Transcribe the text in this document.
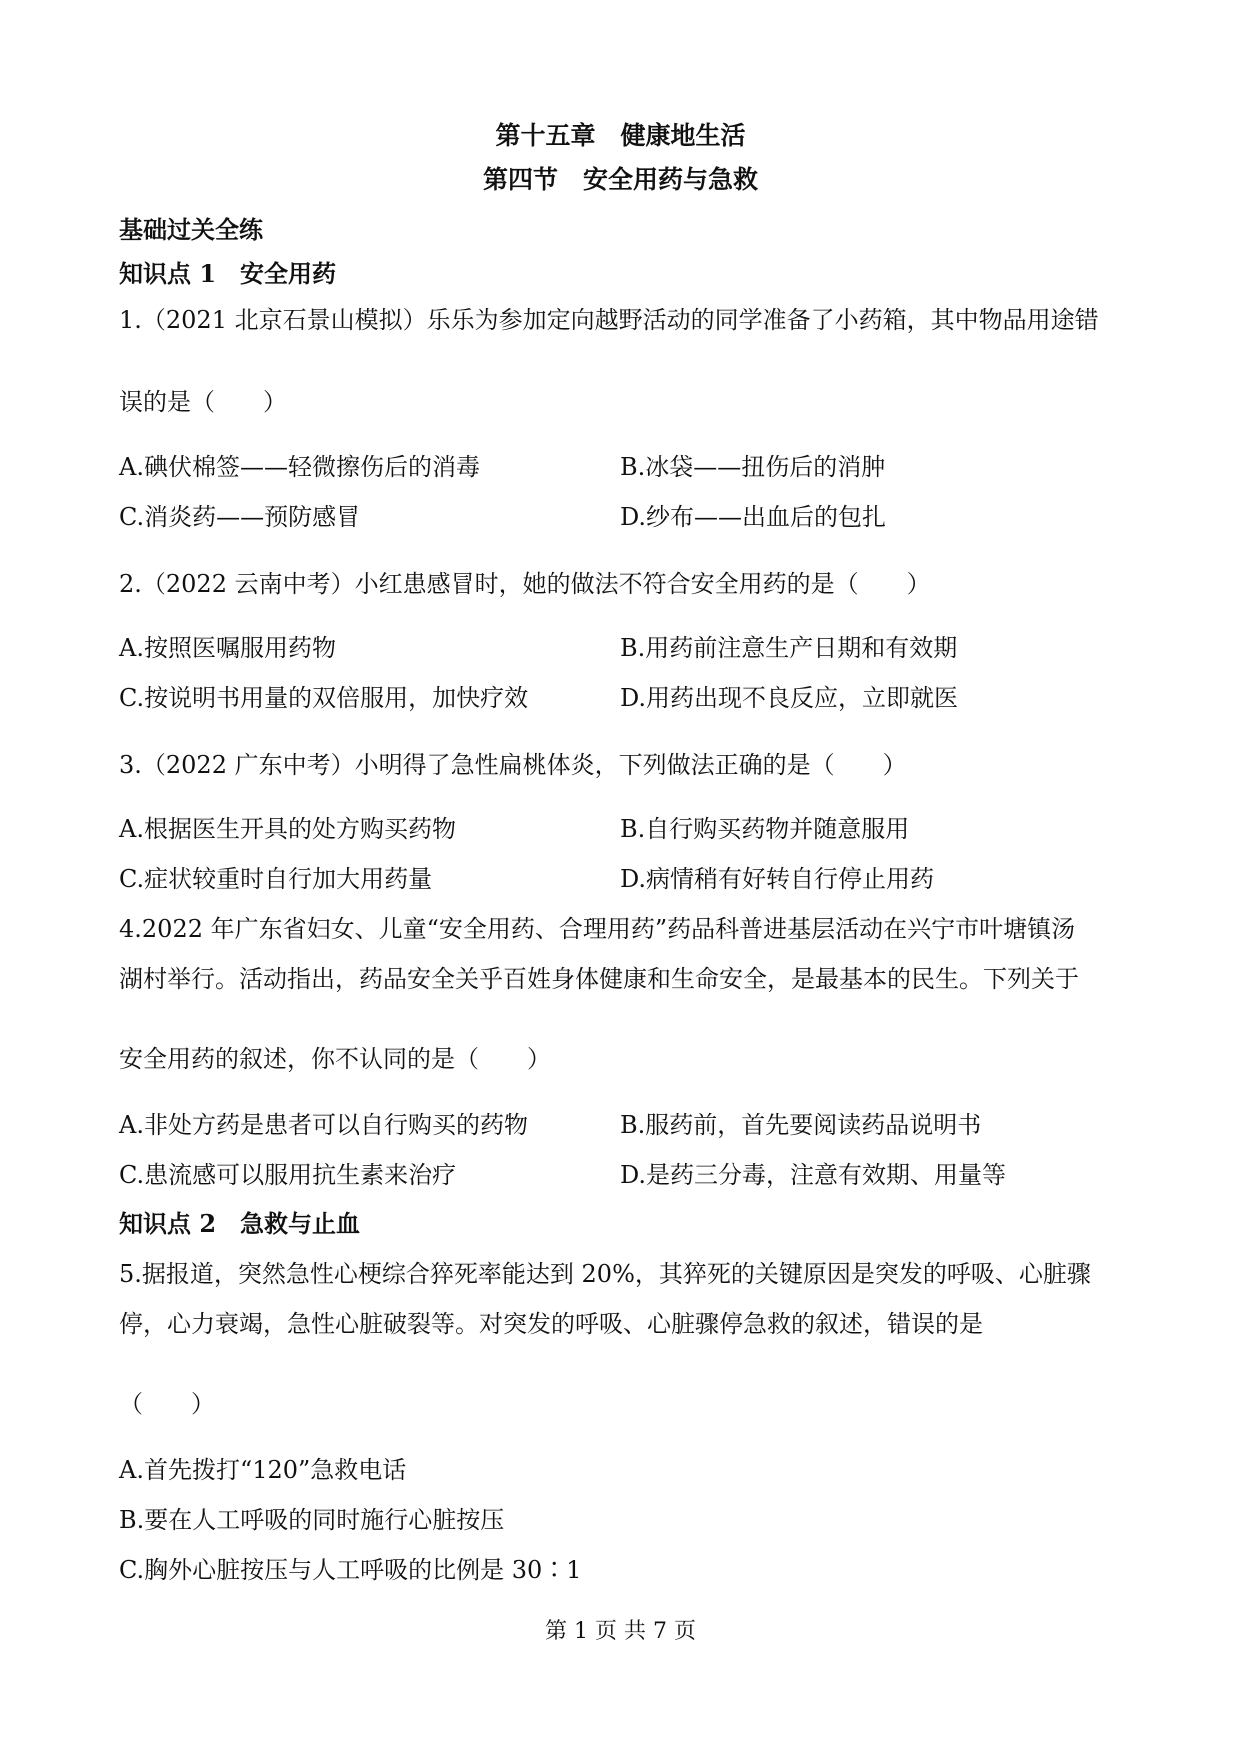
第十五章　健康地生活
第四节　安全用药与急救
基础过关全练
知识点 1　安全用药
1.（2021 北京石景山模拟）乐乐为参加定向越野活动的同学准备了小药箱，其中物品用途错
误的是（　　）
A.碘伏棉签——轻微擦伤后的消毒	B.冰袋——扭伤后的消肿
C.消炎药——预防感冒	D.纱布——出血后的包扎
2.（2022 云南中考）小红患感冒时，她的做法不符合安全用药的是（　　）
A.按照医嘱服用药物	B.用药前注意生产日期和有效期
C.按说明书用量的双倍服用，加快疗效	D.用药出现不良反应，立即就医
3.（2022 广东中考）小明得了急性扁桃体炎，下列做法正确的是（　　）
A.根据医生开具的处方购买药物	B.自行购买药物并随意服用
C.症状较重时自行加大用药量	D.病情稍有好转自行停止用药
4.2022 年广东省妇女、儿童“安全用药、合理用药”药品科普进基层活动在兴宁市叶塘镇汤
湖村举行。活动指出，药品安全关乎百姓身体健康和生命安全，是最基本的民生。下列关于
安全用药的叙述，你不认同的是（　　）
A.非处方药是患者可以自行购买的药物	B.服药前，首先要阅读药品说明书
C.患流感可以服用抗生素来治疗	D.是药三分毒，注意有效期、用量等
知识点 2　急救与止血
5.据报道，突然急性心梗综合猝死率能达到 20%，其猝死的关键原因是突发的呼吸、心脏骤
停，心力衰竭，急性心脏破裂等。对突发的呼吸、心脏骤停急救的叙述，错误的是
（　　）
A.首先拨打“120”急救电话
B.要在人工呼吸的同时施行心脏按压
C.胸外心脏按压与人工呼吸的比例是 30∶1
第 1 页 共 7 页
